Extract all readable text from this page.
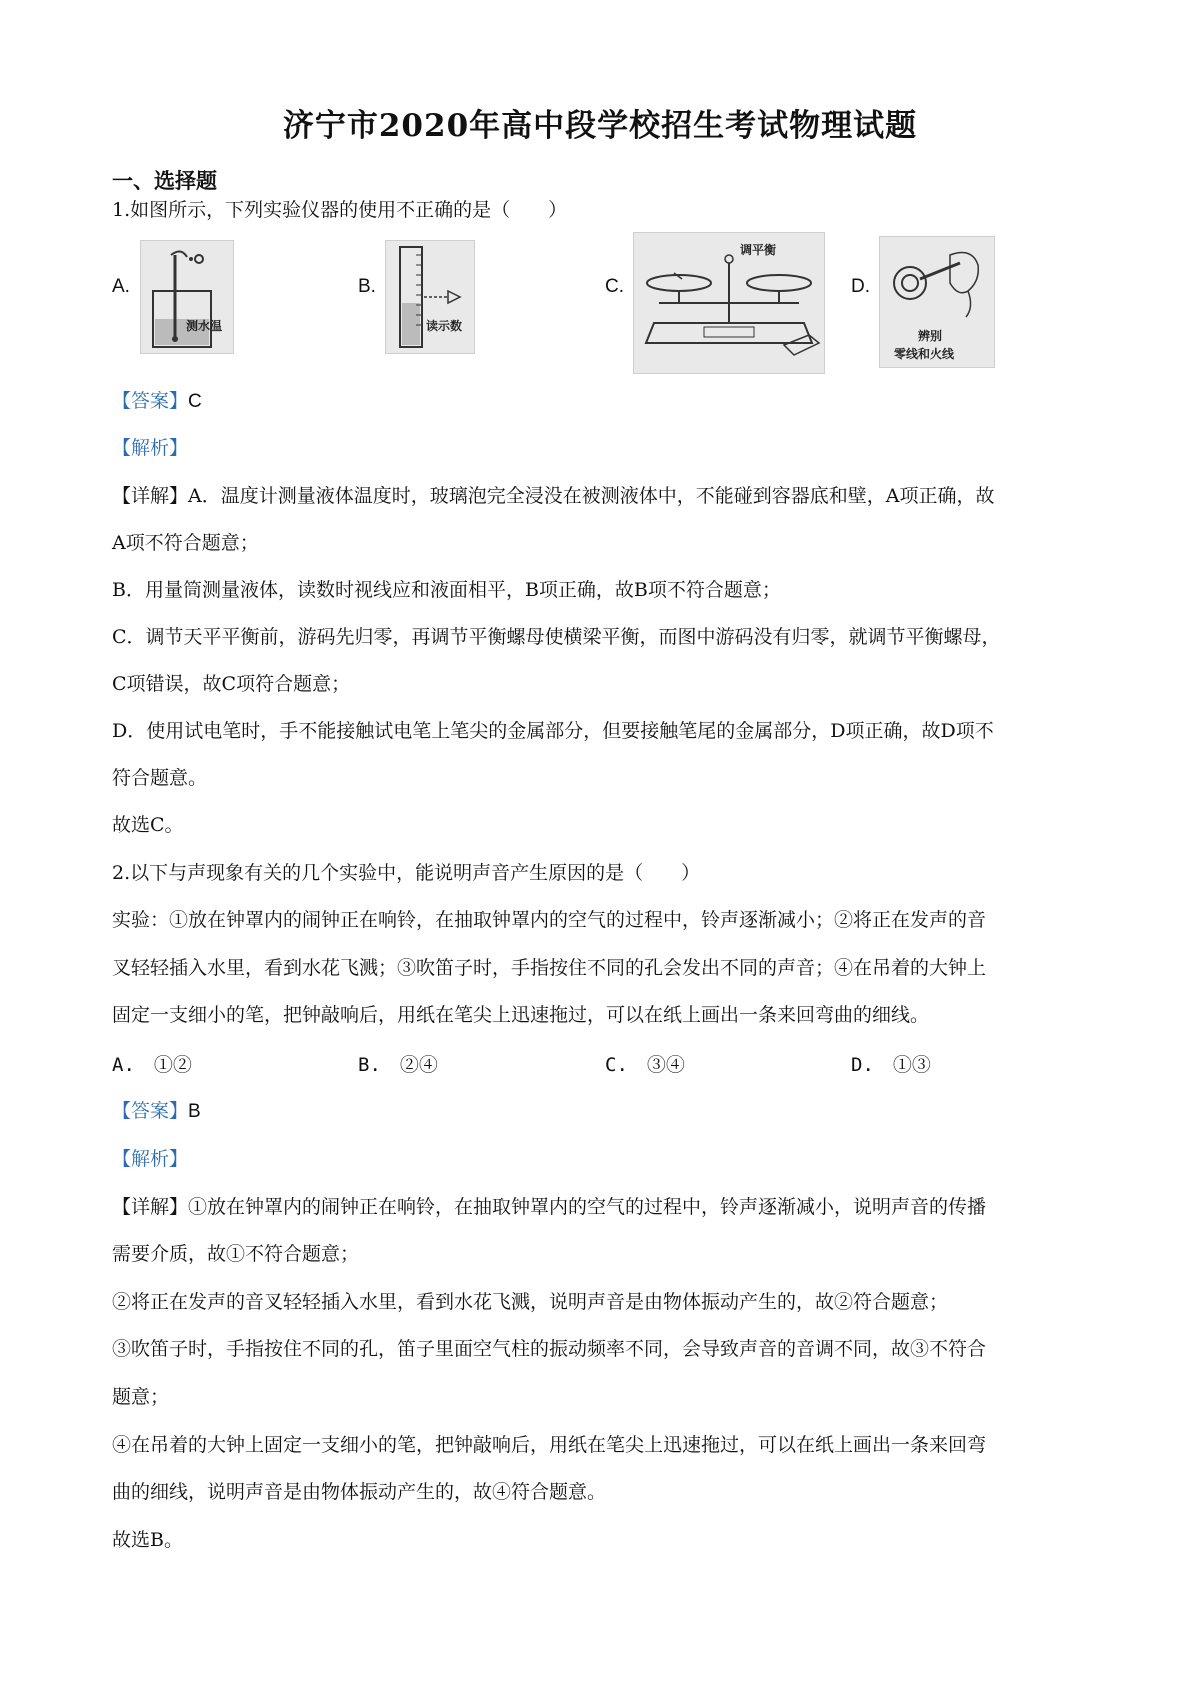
济宁市2020年高中段学校招生考试物理试题
一、选择题
1.如图所示，下列实验仪器的使用不正确的是（　　）
A.
测水温
B.
读示数
C.
调平衡
D.
辨别
零线和火线
【答案】C
【解析】
【详解】A．温度计测量液体温度时，玻璃泡完全浸没在被测液体中，不能碰到容器底和壁，A项正确，故
A项不符合题意；
B．用量筒测量液体，读数时视线应和液面相平，B项正确，故B项不符合题意；
C．调节天平平衡前，游码先归零，再调节平衡螺母使横梁平衡，而图中游码没有归零，就调节平衡螺母，
C项错误，故C项符合题意；
D．使用试电笔时，手不能接触试电笔上笔尖的金属部分，但要接触笔尾的金属部分，D项正确，故D项不
符合题意。
故选C。
2.以下与声现象有关的几个实验中，能说明声音产生原因的是（　　）
实验：①放在钟罩内的闹钟正在响铃，在抽取钟罩内的空气的过程中，铃声逐渐减小；②将正在发声的音
叉轻轻插入水里，看到水花飞溅；③吹笛子时，手指按住不同的孔会发出不同的声音；④在吊着的大钟上
固定一支细小的笔，把钟敲响后，用纸在笔尖上迅速拖过，可以在纸上画出一条来回弯曲的细线。
A.　①②	B.　②④	C.　③④	D.　①③
【答案】B
【解析】
【详解】①放在钟罩内的闹钟正在响铃，在抽取钟罩内的空气的过程中，铃声逐渐减小，说明声音的传播
需要介质，故①不符合题意；
②将正在发声的音叉轻轻插入水里，看到水花飞溅，说明声音是由物体振动产生的，故②符合题意；
③吹笛子时，手指按住不同的孔，笛子里面空气柱的振动频率不同，会导致声音的音调不同，故③不符合
题意；
④在吊着的大钟上固定一支细小的笔，把钟敲响后，用纸在笔尖上迅速拖过，可以在纸上画出一条来回弯
曲的细线，说明声音是由物体振动产生的，故④符合题意。
故选B。
